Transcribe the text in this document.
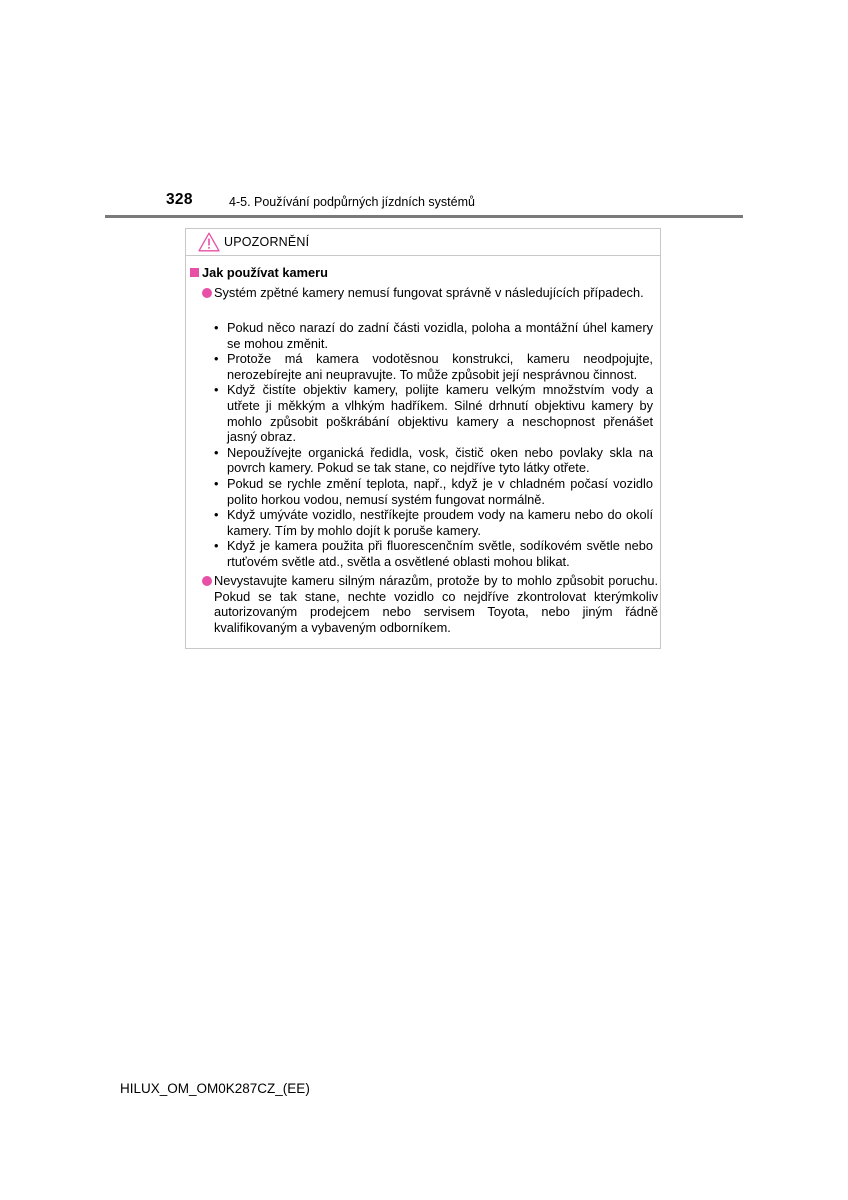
328	4-5. Používání podpůrných jízdních systémů
UPOZORNĚNÍ
Jak používat kameru
Systém zpětné kamery nemusí fungovat správně v následujících případech.
• Pokud něco narazí do zadní části vozidla, poloha a montážní úhel kamery se mohou změnit.
• Protože má kamera vodotěsnou konstrukci, kameru neodpojujte, nerozebírejte ani neupravujte. To může způsobit její nesprávnou činnost.
• Když čistíte objektiv kamery, polijte kameru velkým množstvím vody a utřete ji měkkým a vlhkým hadříkem. Silné drhnutí objektivu kamery by mohlo způsobit poškrábání objektivu kamery a neschopnost přenášet jasný obraz.
• Nepoužívejte organická ředidla, vosk, čistič oken nebo povlaky skla na povrch kamery. Pokud se tak stane, co nejdříve tyto látky otřete.
• Pokud se rychle změní teplota, např., když je v chladném počasí vozidlo polito horkou vodou, nemusí systém fungovat normálně.
• Když umýváte vozidlo, nestříkejte proudem vody na kameru nebo do okolí kamery. Tím by mohlo dojít k poruše kamery.
• Když je kamera použita při fluorescenčním světle, sodíkovém světle nebo rtuťovém světle atd., světla a osvětlené oblasti mohou blikat.
Nevystavujte kameru silným nárazům, protože by to mohlo způsobit poruchu. Pokud se tak stane, nechte vozidlo co nejdříve zkontrolovat kterýmkoliv autorizovaným prodejcem nebo servisem Toyota, nebo jiným řádně kvalifikovaným a vybaveným odborníkem.
HILUX_OM_OM0K287CZ_(EE)
